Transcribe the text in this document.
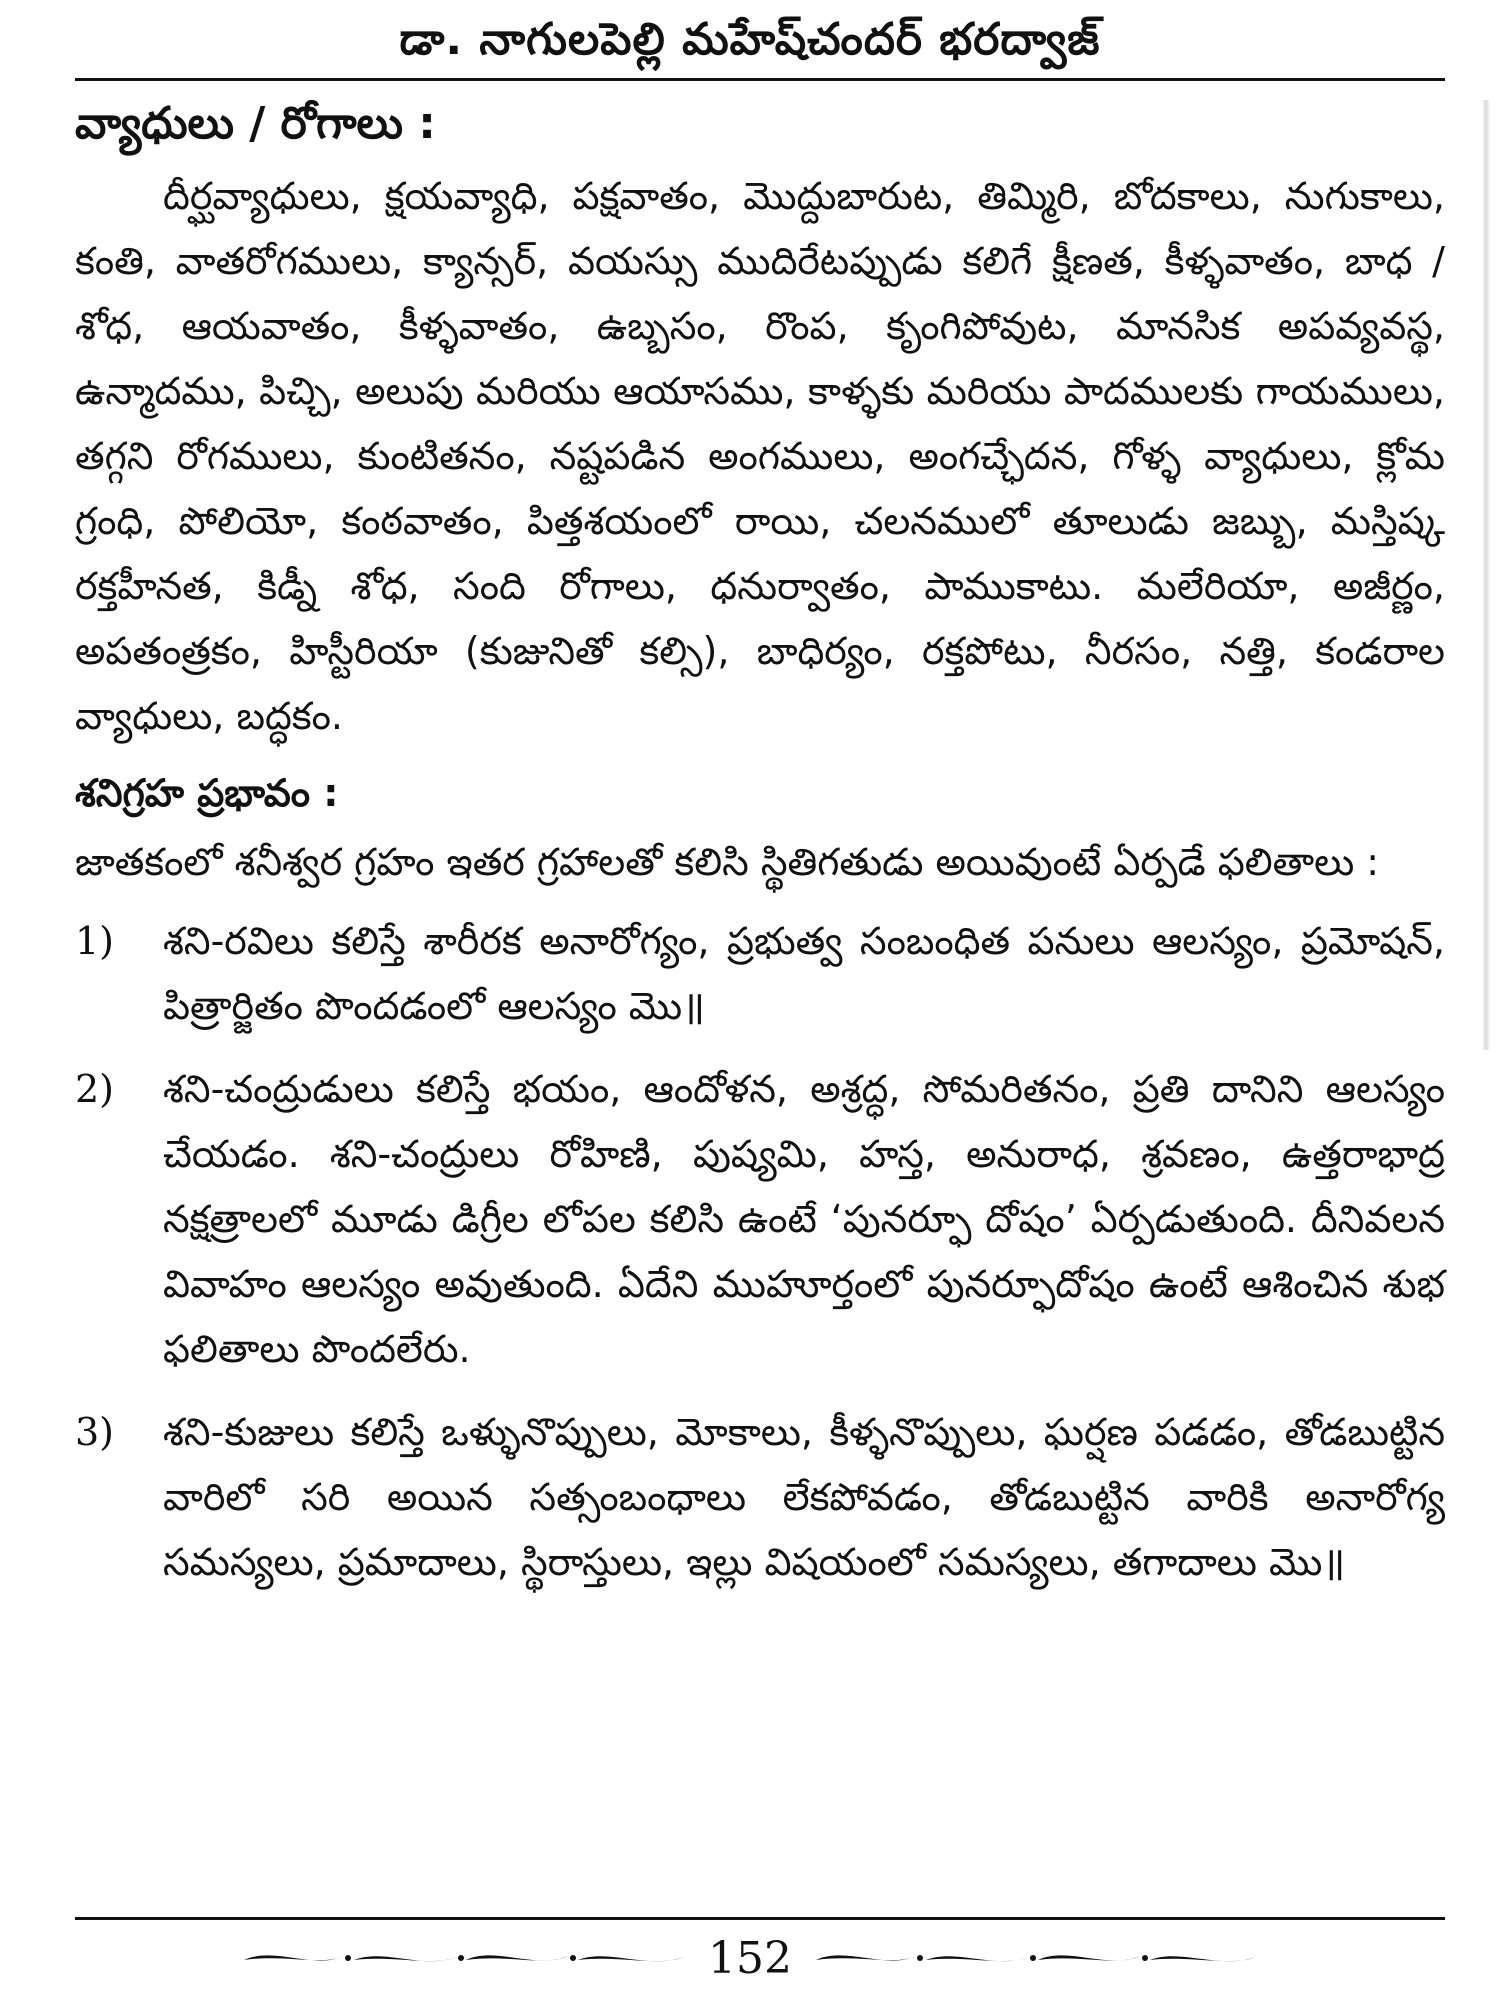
డా. నాగులపెల్లి మహేష్‌చందర్ భరద్వాజ్
వ్యాధులు / రోగాలు :

దీర్ఘవ్యాధులు, క్షయవ్యాధి, పక్షవాతం, మొద్దుబారుట, తిమ్మిరి, బోదకాలు, నుగుకాలు, కంతి, వాతరోగములు, క్యాన్సర్, వయస్సు ముదిరేటప్పుడు కలిగే క్షీణత, కీళ్ళవాతం, బాధ / శోధ, ఆయవాతం, కీళ్ళవాతం, ఉబ్బసం, రొంప, కృంగిపోవుట, మానసిక అపవ్యవస్థ, ఉన్మాదము, పిచ్చి, అలుపు మరియు ఆయాసము, కాళ్ళకు మరియు పాదములకు గాయములు, తగ్గని రోగములు, కుంటితనం, నష్టపడిన అంగములు, అంగచ్ఛేదన, గోళ్ళ వ్యాధులు, క్లోమ గ్రంధి, పోలియో, కంఠవాతం, పిత్తశయంలో రాయి, చలనములో తూలుడు జబ్బు, మస్తిష్క రక్తహీనత, కిడ్నీ శోధ, సంది రోగాలు, ధనుర్వాతం, పాముకాటు. మలేరియా, అజీర్ణం, అపతంత్రకం, హిస్టీరియా (కుజునితో కల్సి), బాధిర్యం, రక్తపోటు, నీరసం, నత్తి, కండరాల వ్యాధులు, బద్ధకం.

శనిగ్రహ ప్రభావం :

జాతకంలో శనీశ్వర గ్రహం ఇతర గ్రహాలతో కలిసి స్థితిగతుడు అయివుంటే ఏర్పడే ఫలితాలు :

1)	శని-రవిలు కలిస్తే శారీరక అనారోగ్యం, ప్రభుత్వ సంబంధిత పనులు ఆలస్యం, ప్రమోషన్, పిత్రార్జితం పొందడంలో ఆలస్యం మొ॥
2)	శని-చంద్రుడులు కలిస్తే భయం, ఆందోళన, అశ్రద్ధ, సోమరితనం, ప్రతి దానిని ఆలస్యం చేయడం. శని-చంద్రులు రోహిణి, పుష్యమి, హస్త, అనురాధ, శ్రవణం, ఉత్తరాభాద్ర నక్షత్రాలలో మూడు డిగ్రీల లోపల కలిసి ఉంటే ‘పునర్ఫూ దోషం’ ఏర్పడుతుంది. దీనివలన వివాహం ఆలస్యం అవుతుంది. ఏదేని ముహూర్తంలో పునర్ఫూదోషం ఉంటే ఆశించిన శుభ ఫలితాలు పొందలేరు.
3)	శని-కుజులు కలిస్తే ఒళ్ళునొప్పులు, మోకాలు, కీళ్ళనొప్పులు, ఘర్షణ పడడం, తోడబుట్టిన వారిలో సరి అయిన సత్సంబంధాలు లేకపోవడం, తోడబుట్టిన వారికి అనారోగ్య సమస్యలు, ప్రమాదాలు, స్థిరాస్తులు, ఇల్లు విషయంలో సమస్యలు, తగాదాలు మొ॥
152
